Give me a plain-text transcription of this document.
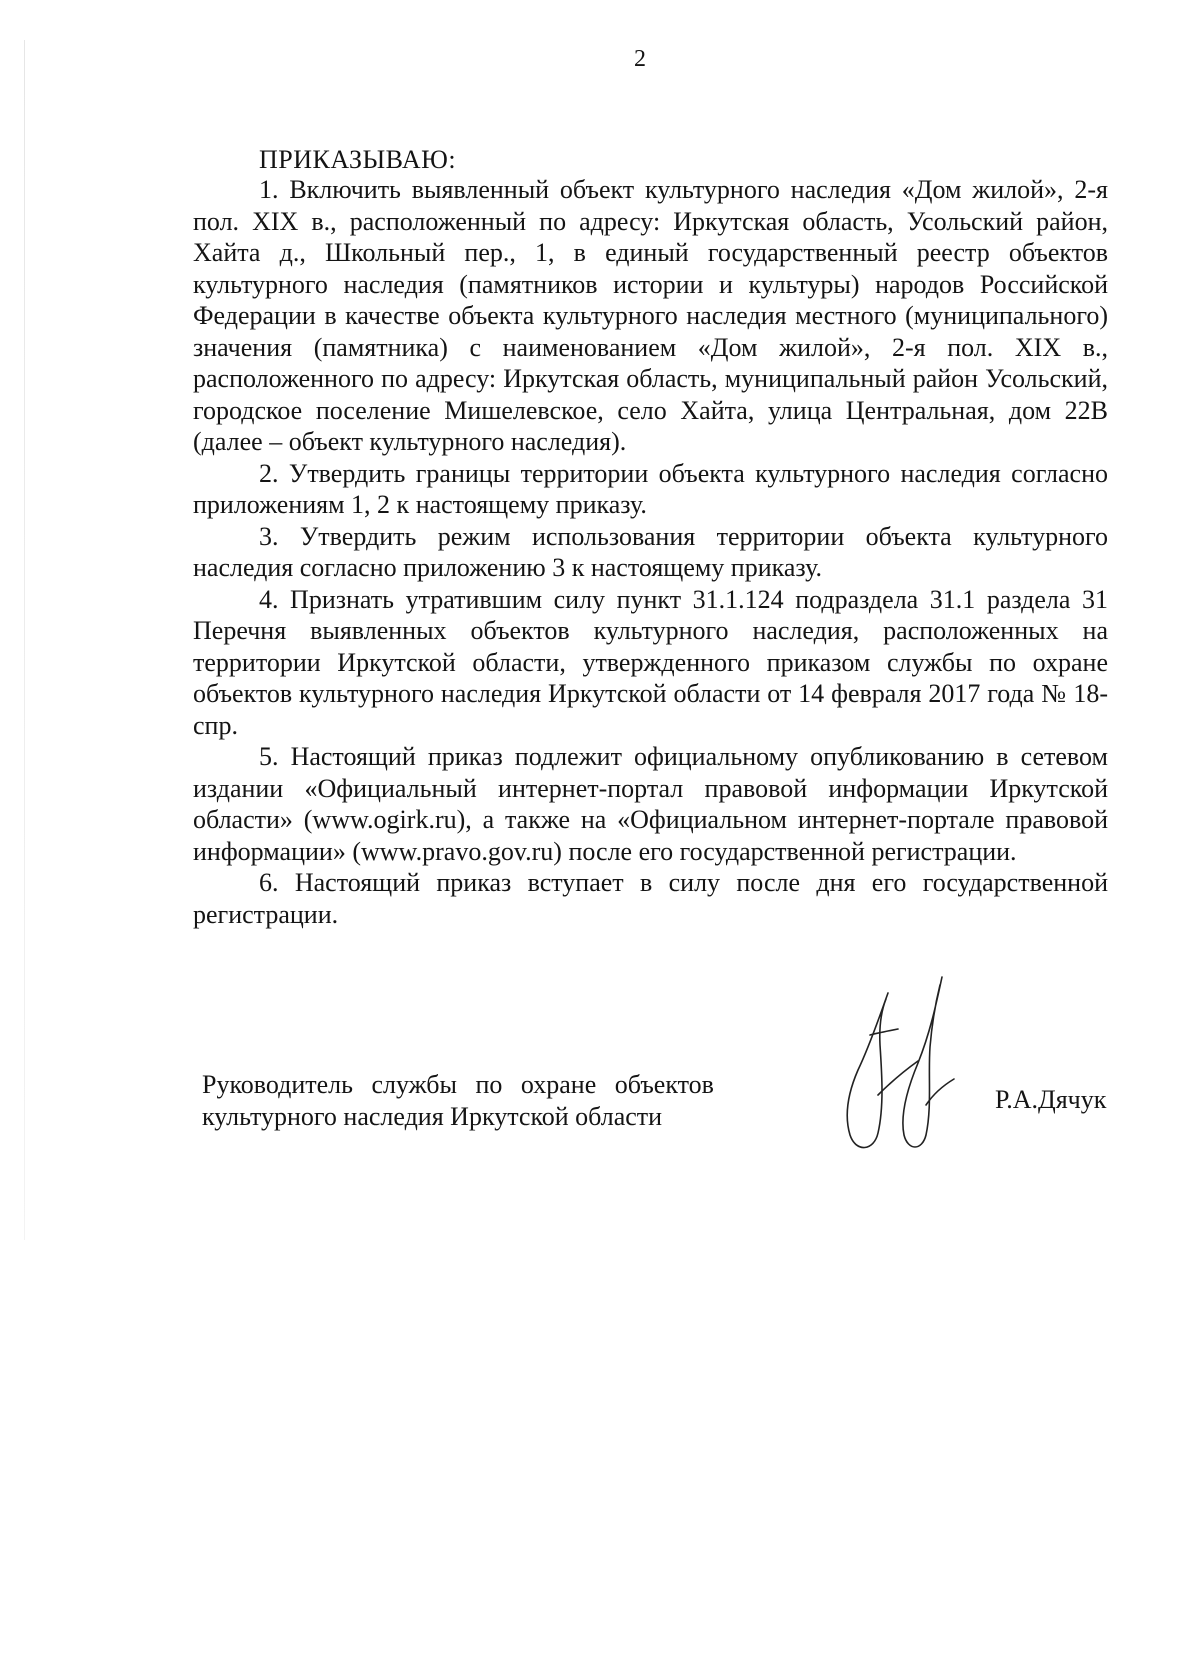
2
ПРИКАЗЫВАЮ:

1. Включить выявленный объект культурного наследия «Дом жилой», 2-я пол. XIX в., расположенный по адресу: Иркутская область, Усольский район, Хайта д., Школьный пер., 1, в единый государственный реестр объектов культурного наследия (памятников истории и культуры) народов Российской Федерации в качестве объекта культурного наследия местного (муниципального) значения (памятника) с наименованием «Дом жилой», 2-я пол. XIX в., расположенного по адресу: Иркутская область, муниципальный район Усольский, городское поселение Мишелевское, село Хайта, улица Центральная, дом 22В (далее – объект культурного наследия).

2. Утвердить границы территории объекта культурного наследия согласно приложениям 1, 2 к настоящему приказу.

3. Утвердить режим использования территории объекта культурного наследия согласно приложению 3 к настоящему приказу.

4. Признать утратившим силу пункт 31.1.124 подраздела 31.1 раздела 31 Перечня выявленных объектов культурного наследия, расположенных на территории Иркутской области, утвержденного приказом службы по охране объектов культурного наследия Иркутской области от 14 февраля 2017 года № 18-спр.

5. Настоящий приказ подлежит официальному опубликованию в сетевом издании «Официальный интернет-портал правовой информации Иркутской области» (www.ogirk.ru), а также на «Официальном интернет-портале правовой информации» (www.pravo.gov.ru) после его государственной регистрации.

6. Настоящий приказ вступает в силу после дня его государственной регистрации.

Руководитель службы по охране объектов
культурного наследия Иркутской области
Р.А.Дячук
